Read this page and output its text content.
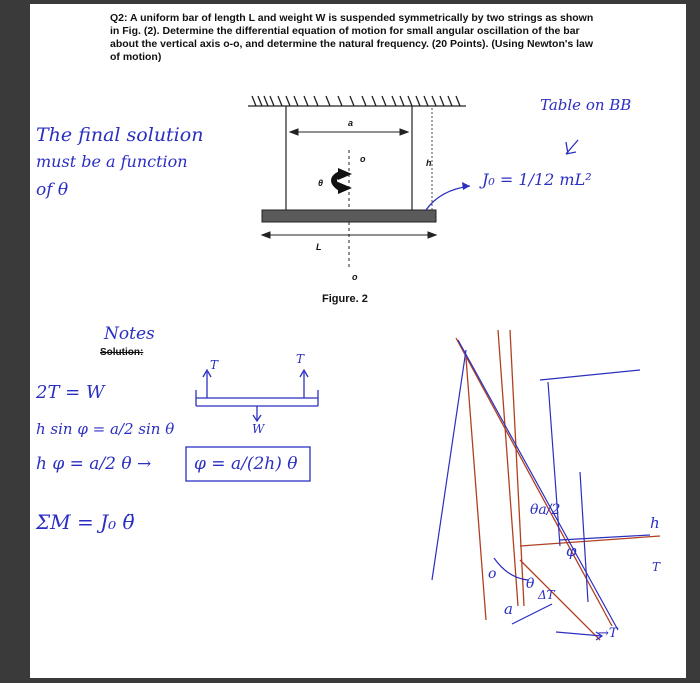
Q2: A uniform bar of length L and weight W is suspended symmetrically by two strings as shown
in Fig. (2). Determine the differential equation of motion for small angular oscillation of the bar
about the vertical axis o-o, and determine the natural frequency. (20 Points). (Using Newton's law
of motion)
a
o	h
θ
L
o
Figure. 2
The final solution
must be a function
of θ
Table on BB
J₀ = 1/12 mL²
Notes
Solution:
2T = W
h sin φ = a/2 sin θ
h φ = a/2 θ →	φ = a/(2h) θ
ΣM = J₀ θ̈
T	T
W
θa/2
h
φ
o
θ
a
ΔT
→T
T
